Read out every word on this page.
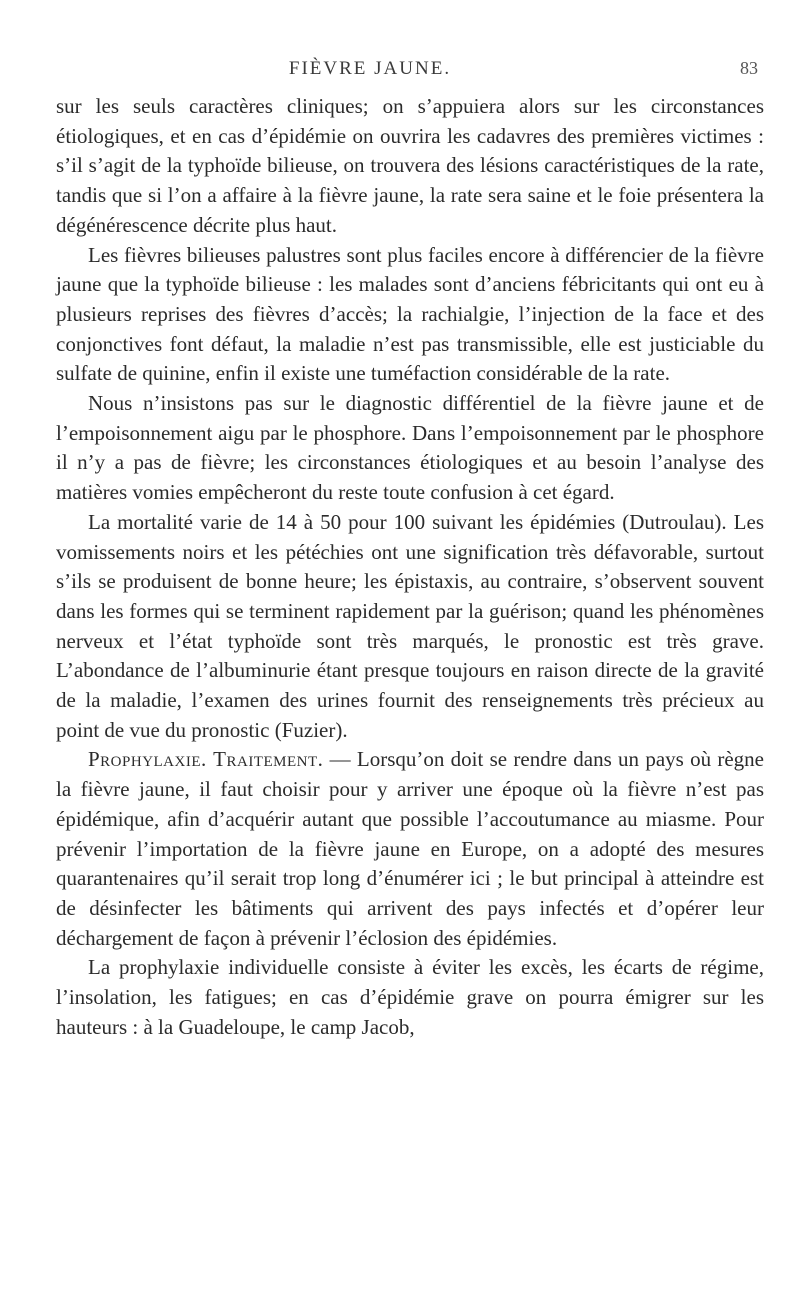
FIÈVRE JAUNE.	83

sur les seuls caractères cliniques; on s’appuiera alors sur les circonstances étiologiques, et en cas d’épidémie on ouvrira les cadavres des premières victimes : s’il s’agit de la typhoïde bilieuse, on trouvera des lésions caractéristiques de la rate, tandis que si l’on a affaire à la fièvre jaune, la rate sera saine et le foie présentera la dégénérescence décrite plus haut.

Les fièvres bilieuses palustres sont plus faciles encore à différencier de la fièvre jaune que la typhoïde bilieuse : les malades sont d’anciens fébricitants qui ont eu à plusieurs reprises des fièvres d’accès; la rachialgie, l’injection de la face et des conjonctives font défaut, la maladie n’est pas transmissible, elle est justiciable du sulfate de quinine, enfin il existe une tuméfaction considérable de la rate.

Nous n’insistons pas sur le diagnostic différentiel de la fièvre jaune et de l’empoisonnement aigu par le phosphore. Dans l’empoisonnement par le phosphore il n’y a pas de fièvre; les circonstances étiologiques et au besoin l’analyse des matières vomies empêcheront du reste toute confusion à cet égard.

La mortalité varie de 14 à 50 pour 100 suivant les épidémies (Dutroulau). Les vomissements noirs et les pétéchies ont une signification très défavorable, surtout s’ils se produisent de bonne heure; les épistaxis, au contraire, s’observent souvent dans les formes qui se terminent rapidement par la guérison; quand les phénomènes nerveux et l’état typhoïde sont très marqués, le pronostic est très grave. L’abondance de l’albuminurie étant presque toujours en raison directe de la gravité de la maladie, l’examen des urines fournit des renseignements très précieux au point de vue du pronostic (Fuzier).

Prophylaxie. Traitement. — Lorsqu’on doit se rendre dans un pays où règne la fièvre jaune, il faut choisir pour y arriver une époque où la fièvre n’est pas épidémique, afin d’acquérir autant que possible l’accoutumance au miasme. Pour prévenir l’importation de la fièvre jaune en Europe, on a adopté des mesures quarantenaires qu’il serait trop long d’énumérer ici ; le but principal à atteindre est de désinfecter les bâtiments qui arrivent des pays infectés et d’opérer leur déchargement de façon à prévenir l’éclosion des épidémies.

La prophylaxie individuelle consiste à éviter les excès, les écarts de régime, l’insolation, les fatigues; en cas d’épidémie grave on pourra émigrer sur les hauteurs : à la Guadeloupe, le camp Jacob,
